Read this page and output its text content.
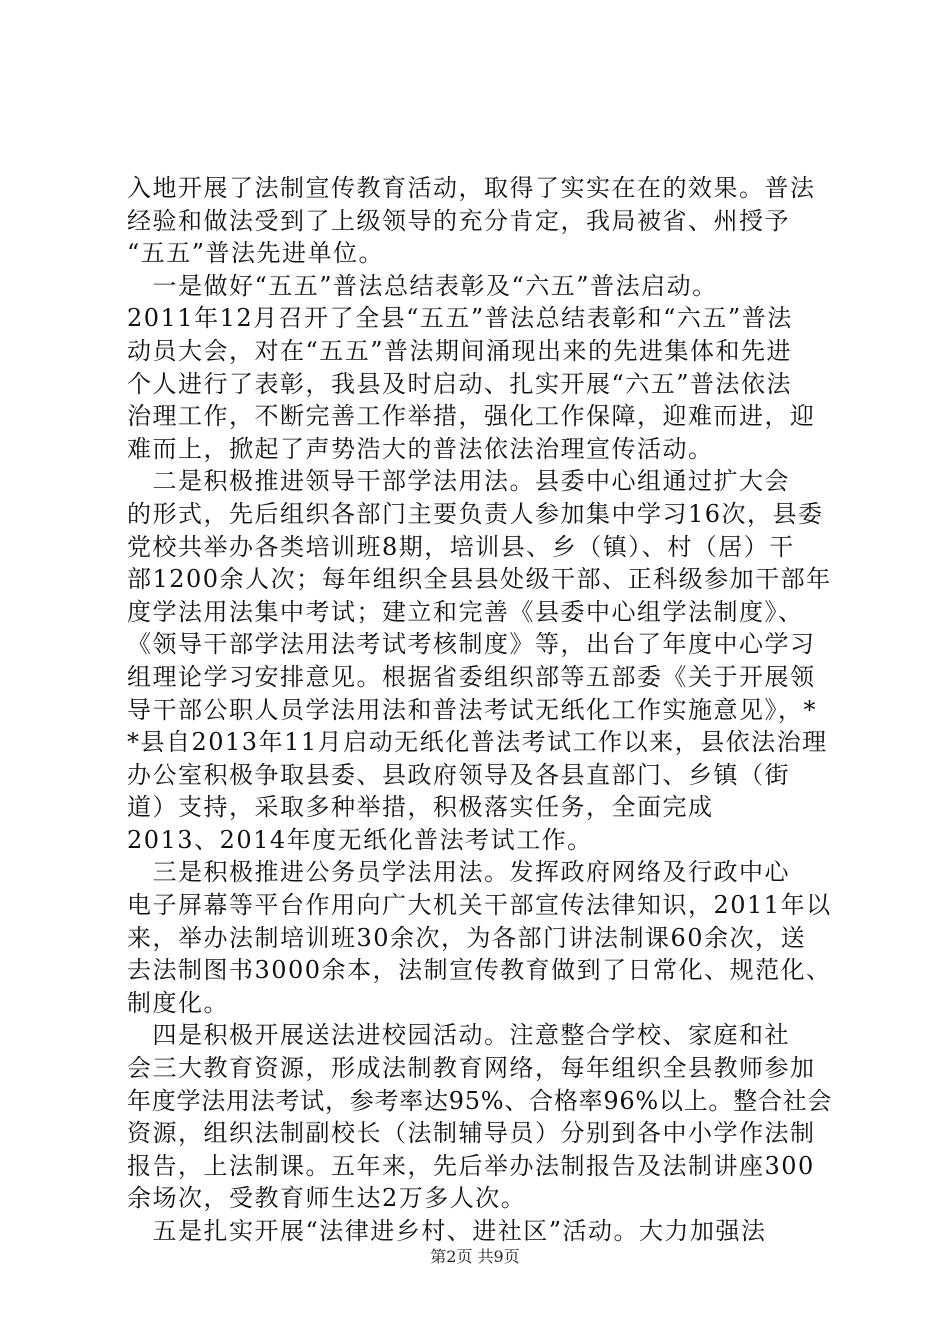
入地开展了法制宣传教育活动，取得了实实在在的效果。普法
经验和做法受到了上级领导的充分肯定，我局被省、州授予
“五五”普法先进单位。
　一是做好“五五”普法总结表彰及“六五”普法启动。
2011年12月召开了全县“五五”普法总结表彰和“六五”普法
动员大会，对在“五五”普法期间涌现出来的先进集体和先进
个人进行了表彰，我县及时启动、扎实开展“六五”普法依法
治理工作，不断完善工作举措，强化工作保障，迎难而进，迎
难而上，掀起了声势浩大的普法依法治理宣传活动。
　二是积极推进领导干部学法用法。县委中心组通过扩大会
的形式，先后组织各部门主要负责人参加集中学习16次，县委
党校共举办各类培训班8期，培训县、乡（镇）、村（居）干
部1200余人次；每年组织全县县处级干部、正科级参加干部年
度学法用法集中考试；建立和完善《县委中心组学法制度》、
《领导干部学法用法考试考核制度》等，出台了年度中心学习
组理论学习安排意见。根据省委组织部等五部委《关于开展领
导干部公职人员学法用法和普法考试无纸化工作实施意见》，*
*县自2013年11月启动无纸化普法考试工作以来，县依法治理
办公室积极争取县委、县政府领导及各县直部门、乡镇（街
道）支持，采取多种举措，积极落实任务，全面完成
2013、2014年度无纸化普法考试工作。
　三是积极推进公务员学法用法。发挥政府网络及行政中心
电子屏幕等平台作用向广大机关干部宣传法律知识，2011年以
来，举办法制培训班30余次，为各部门讲法制课60余次，送
去法制图书3000余本，法制宣传教育做到了日常化、规范化、
制度化。
　四是积极开展送法进校园活动。注意整合学校、家庭和社
会三大教育资源，形成法制教育网络，每年组织全县教师参加
年度学法用法考试，参考率达95%、合格率96%以上。整合社会
资源，组织法制副校长（法制辅导员）分别到各中小学作法制
报告，上法制课。五年来，先后举办法制报告及法制讲座300
余场次，受教育师生达2万多人次。
　五是扎实开展“法律进乡村、进社区”活动。大力加强法
第2页 共9页
